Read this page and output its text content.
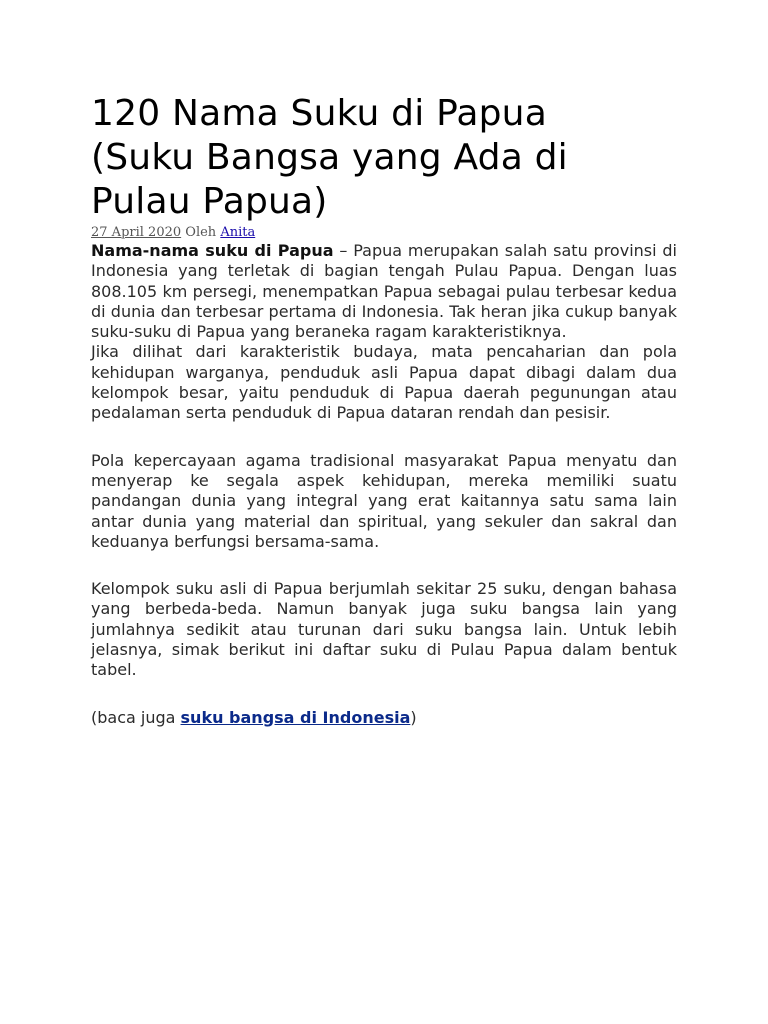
120 Nama Suku di Papua
(Suku Bangsa yang Ada di
Pulau Papua)
27 April 2020 Oleh Anita

Nama-nama suku di Papua – Papua merupakan salah satu provinsi di Indonesia yang terletak di bagian tengah Pulau Papua. Dengan luas 808.105 km persegi, menempatkan Papua sebagai pulau terbesar kedua di dunia dan terbesar pertama di Indonesia. Tak heran jika cukup banyak suku-suku di Papua yang beraneka ragam karakteristiknya.

Jika dilihat dari karakteristik budaya, mata pencaharian dan pola kehidupan warganya, penduduk asli Papua dapat dibagi dalam dua kelompok besar, yaitu penduduk di Papua daerah pegunungan atau pedalaman serta penduduk di Papua dataran rendah dan pesisir.

Pola kepercayaan agama tradisional masyarakat Papua menyatu dan menyerap ke segala aspek kehidupan, mereka memiliki suatu pandangan dunia yang integral yang erat kaitannya satu sama lain antar dunia yang material dan spiritual, yang sekuler dan sakral dan keduanya berfungsi bersama-sama.

Kelompok suku asli di Papua berjumlah sekitar 25 suku, dengan bahasa yang berbeda-beda. Namun banyak juga suku bangsa lain yang jumlahnya sedikit atau turunan dari suku bangsa lain. Untuk lebih jelasnya, simak berikut ini daftar suku di Pulau Papua dalam bentuk tabel.

(baca juga suku bangsa di Indonesia)
